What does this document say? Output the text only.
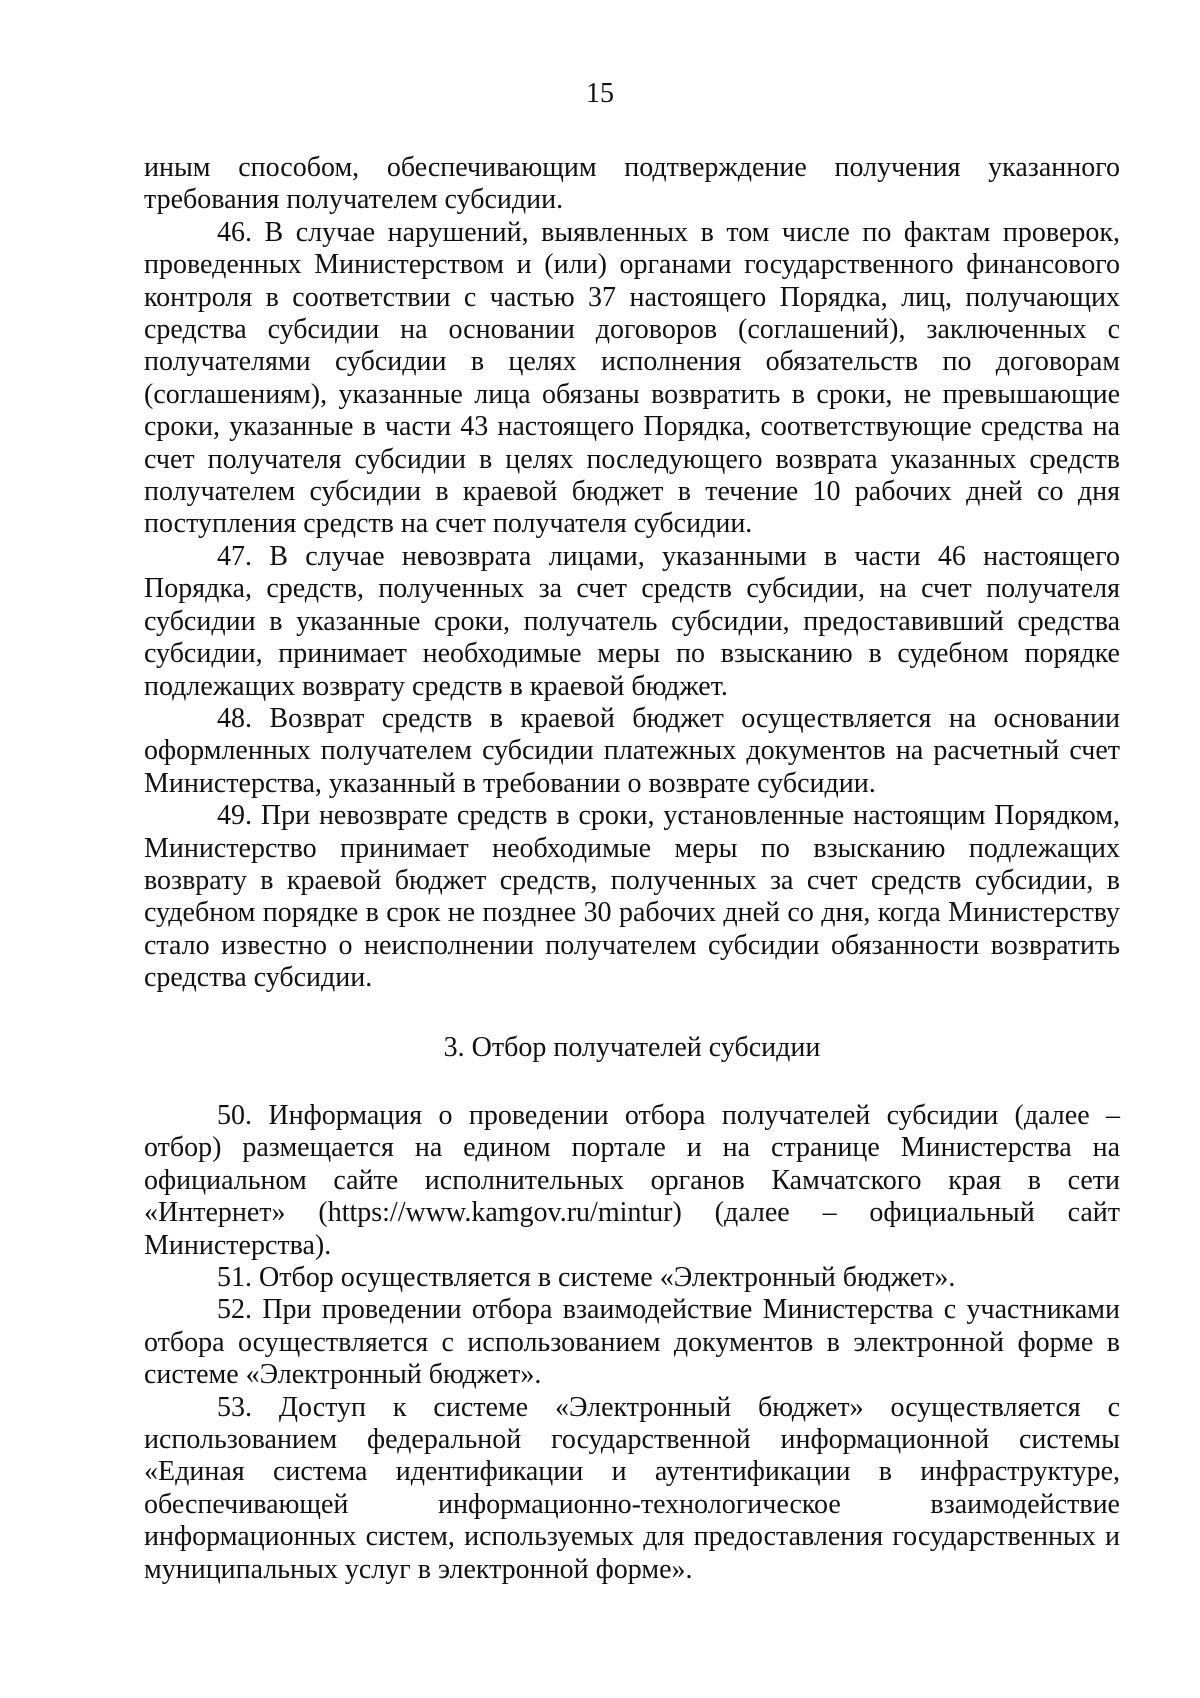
15

иным способом, обеспечивающим подтверждение получения указанного требования получателем субсидии.

46. В случае нарушений, выявленных в том числе по фактам проверок, проведенных Министерством и (или) органами государственного финансового контроля в соответствии с частью 37 настоящего Порядка, лиц, получающих средства субсидии на основании договоров (соглашений), заключенных с получателями субсидии в целях исполнения обязательств по договорам (соглашениям), указанные лица обязаны возвратить в сроки, не превышающие сроки, указанные в части 43 настоящего Порядка, соответствующие средства на счет получателя субсидии в целях последующего возврата указанных средств получателем субсидии в краевой бюджет в течение 10 рабочих дней со дня поступления средств на счет получателя субсидии.

47. В случае невозврата лицами, указанными в части 46 настоящего Порядка, средств, полученных за счет средств субсидии, на счет получателя субсидии в указанные сроки, получатель субсидии, предоставивший средства субсидии, принимает необходимые меры по взысканию в судебном порядке подлежащих возврату средств в краевой бюджет.

48. Возврат средств в краевой бюджет осуществляется на основании оформленных получателем субсидии платежных документов на расчетный счет Министерства, указанный в требовании о возврате субсидии.

49. При невозврате средств в сроки, установленные настоящим Порядком, Министерство принимает необходимые меры по взысканию подлежащих возврату в краевой бюджет средств, полученных за счет средств субсидии, в судебном порядке в срок не позднее 30 рабочих дней со дня, когда Министерству стало известно о неисполнении получателем субсидии обязанности возвратить средства субсидии.

3. Отбор получателей субсидии

50. Информация о проведении отбора получателей субсидии (далее – отбор) размещается на едином портале и на странице Министерства на официальном сайте исполнительных органов Камчатского края в сети «Интернет» (https://www.kamgov.ru/mintur) (далее – официальный сайт Министерства).

51. Отбор осуществляется в системе «Электронный бюджет».

52. При проведении отбора взаимодействие Министерства с участниками отбора осуществляется с использованием документов в электронной форме в системе «Электронный бюджет».

53. Доступ к системе «Электронный бюджет» осуществляется с использованием федеральной государственной информационной системы «Единая система идентификации и аутентификации в инфраструктуре, обеспечивающей информационно-технологическое взаимодействие информационных систем, используемых для предоставления государственных и муниципальных услуг в электронной форме».
